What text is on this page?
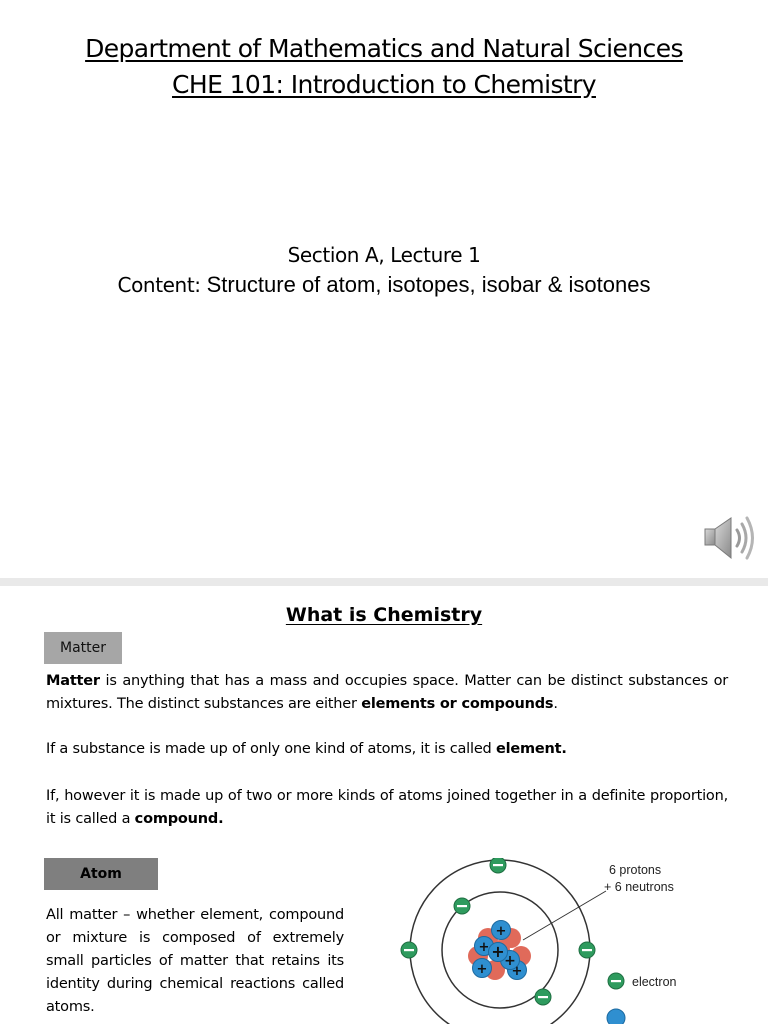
Department of Mathematics and Natural Sciences
CHE 101: Introduction to Chemistry
Section A, Lecture 1
Content: Structure of atom, isotopes, isobar & isotones
What is Chemistry
Matter
Matter is anything that has a mass and occupies space. Matter can be distinct substances or mixtures. The distinct substances are either elements or compounds.
If a substance is made up of only one kind of atoms, it is called element.
If, however it is made up of two or more kinds of atoms joined together in a definite proportion, it is called a compound.
Atom
All matter – whether element, compound or mixture is composed of extremely small particles of matter that retains its identity during chemical reactions called atoms.
+ +
+
+ +
+
6 protons
+ 6 neutrons
electron
